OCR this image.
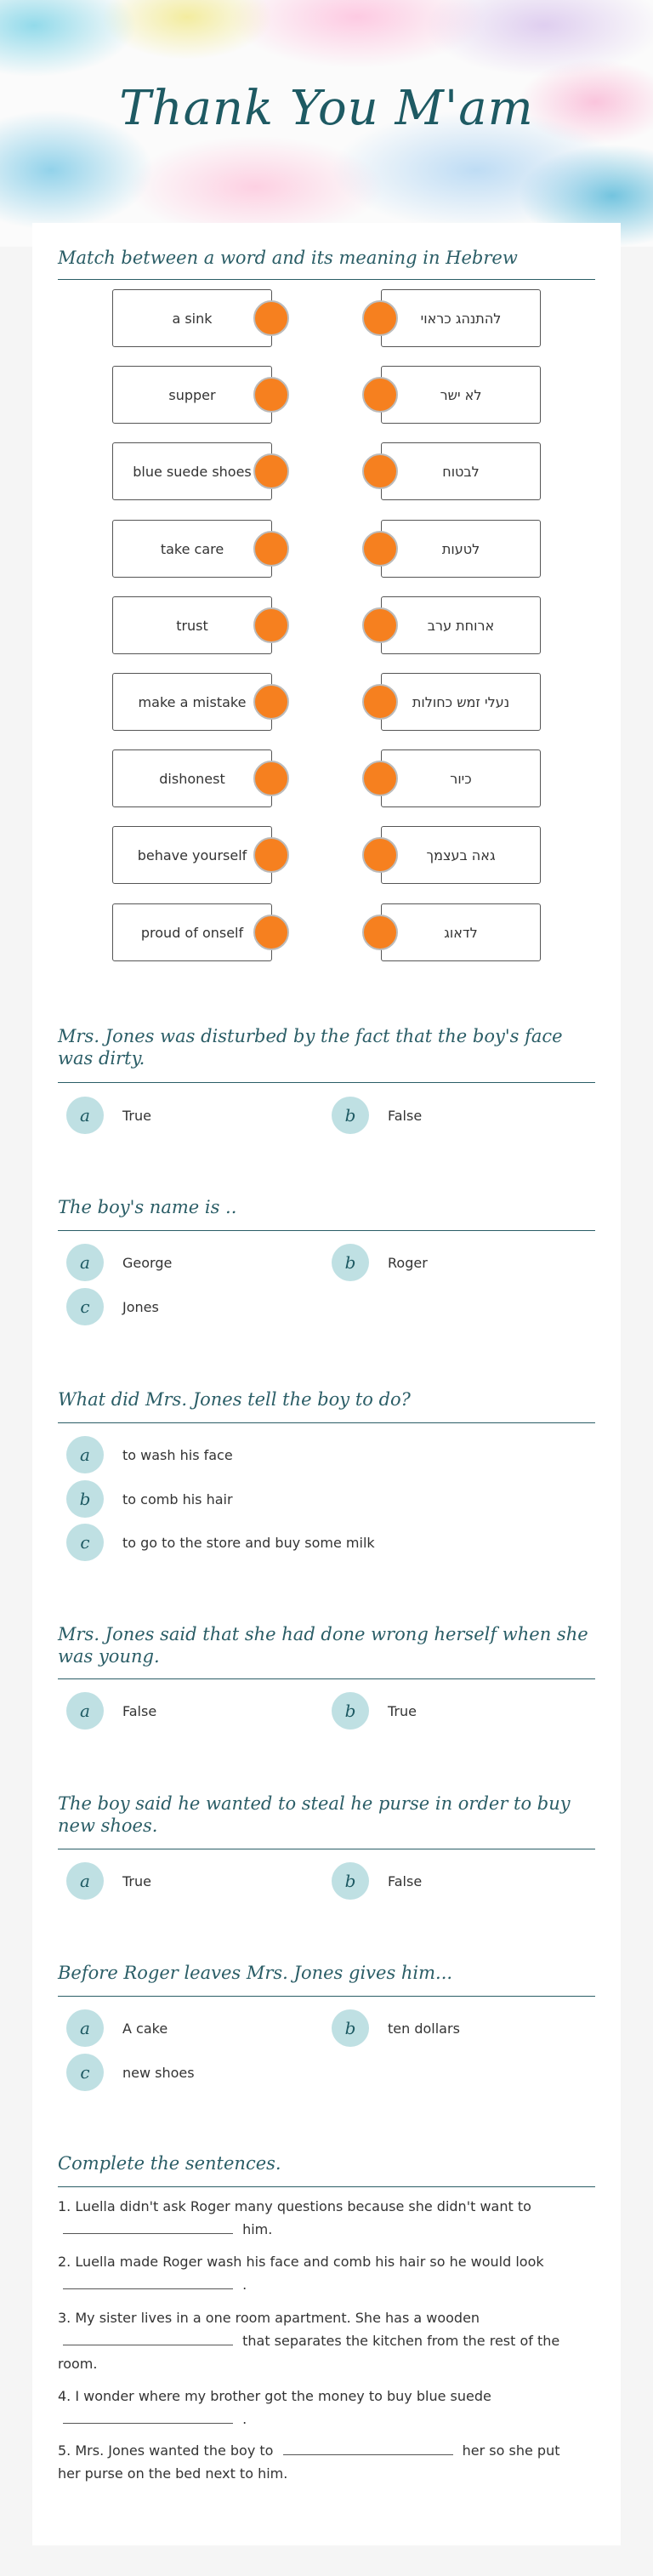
Thank You M'am
Match between a word and its meaning in Hebrew
a sink	להתנהג כראוי
supper	לא ישר
blue suede shoes	לבטוח
take care	לטעות
trust	ארוחת ערב
make a mistake	נעלי זמש כחולות
dishonest	כיור
behave yourself	גאה בעצמך
proud of onself	לדאוג
Mrs. Jones was disturbed by the fact that the boy's face was dirty.
a	True	b	False
The boy's name is ..
a	George	b	Roger
c	Jones
What did Mrs. Jones tell the boy to do?
a	to wash his face
b	to comb his hair
c	to go to the store and buy some milk
Mrs. Jones said that she had done wrong herself when she was young.
a	False	b	True
The boy said he wanted to steal he purse in order to buy new shoes.
a	True	b	False
Before Roger leaves Mrs. Jones gives him...
a	A cake	b	ten dollars
c	new shoes
Complete the sentences.
1. Luella didn't ask Roger many questions because she didn't want to
him.
2. Luella made Roger wash his face and comb his hair so he would look
.
3. My sister lives in a one room apartment. She has a wooden
that separates the kitchen from the rest of the
room.
4. I wonder where my brother got the money to buy blue suede
.
5. Mrs. Jones wanted the boy to	her so she put
her purse on the bed next to him.
